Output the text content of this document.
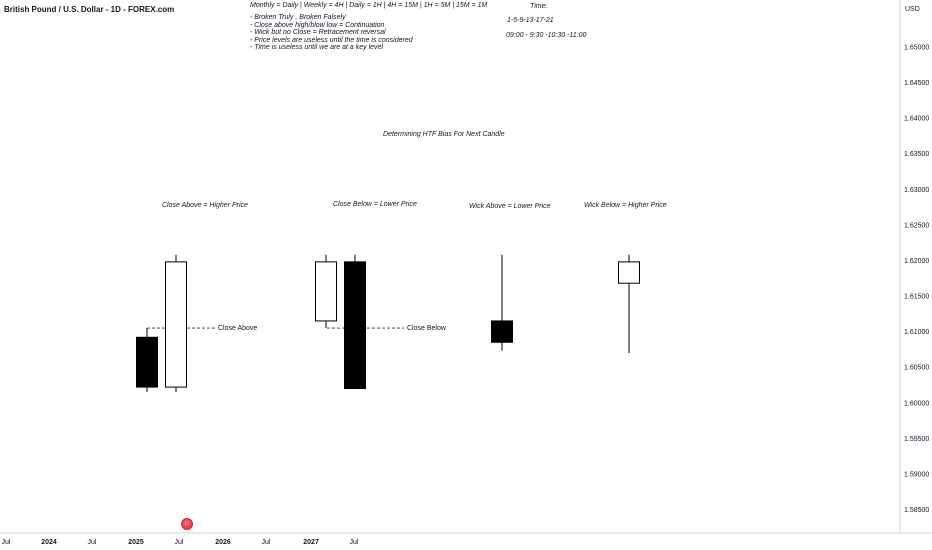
1.65000
1.64500
1.64000
1.63500
1.63000
1.62500
1.62000
1.61500
1.61000
1.60500
1.60000
1.59500
1.59000
1.58500
Jul	2024	Jul	2025	Jul	2026	Jul	2027	Jul
British Pound / U.S. Dollar - 1D - FOREX.com	USD
Monthly = Daily | Weekly = 4H | Daily = 1H | 4H = 15M | 1H = 5M | 15M = 1M
- Broken Truly , Broken Falsely
- Close above high/blow low = Continuation
- Wick but no Close = Retracement reversal
- Price levels are useless until the time is considered
- Time is useless until we are at a key level
Time:
1-5-9-13-17-21
09:00 - 9:30 -10:30 -11:00
Determining HTF Bias For Next Candle
Close Above = Higher Price	Close Below = Lower Price	Wick Above = Lower Price	Wick Below = Higher Price
Close Above	Close Below
⚐
